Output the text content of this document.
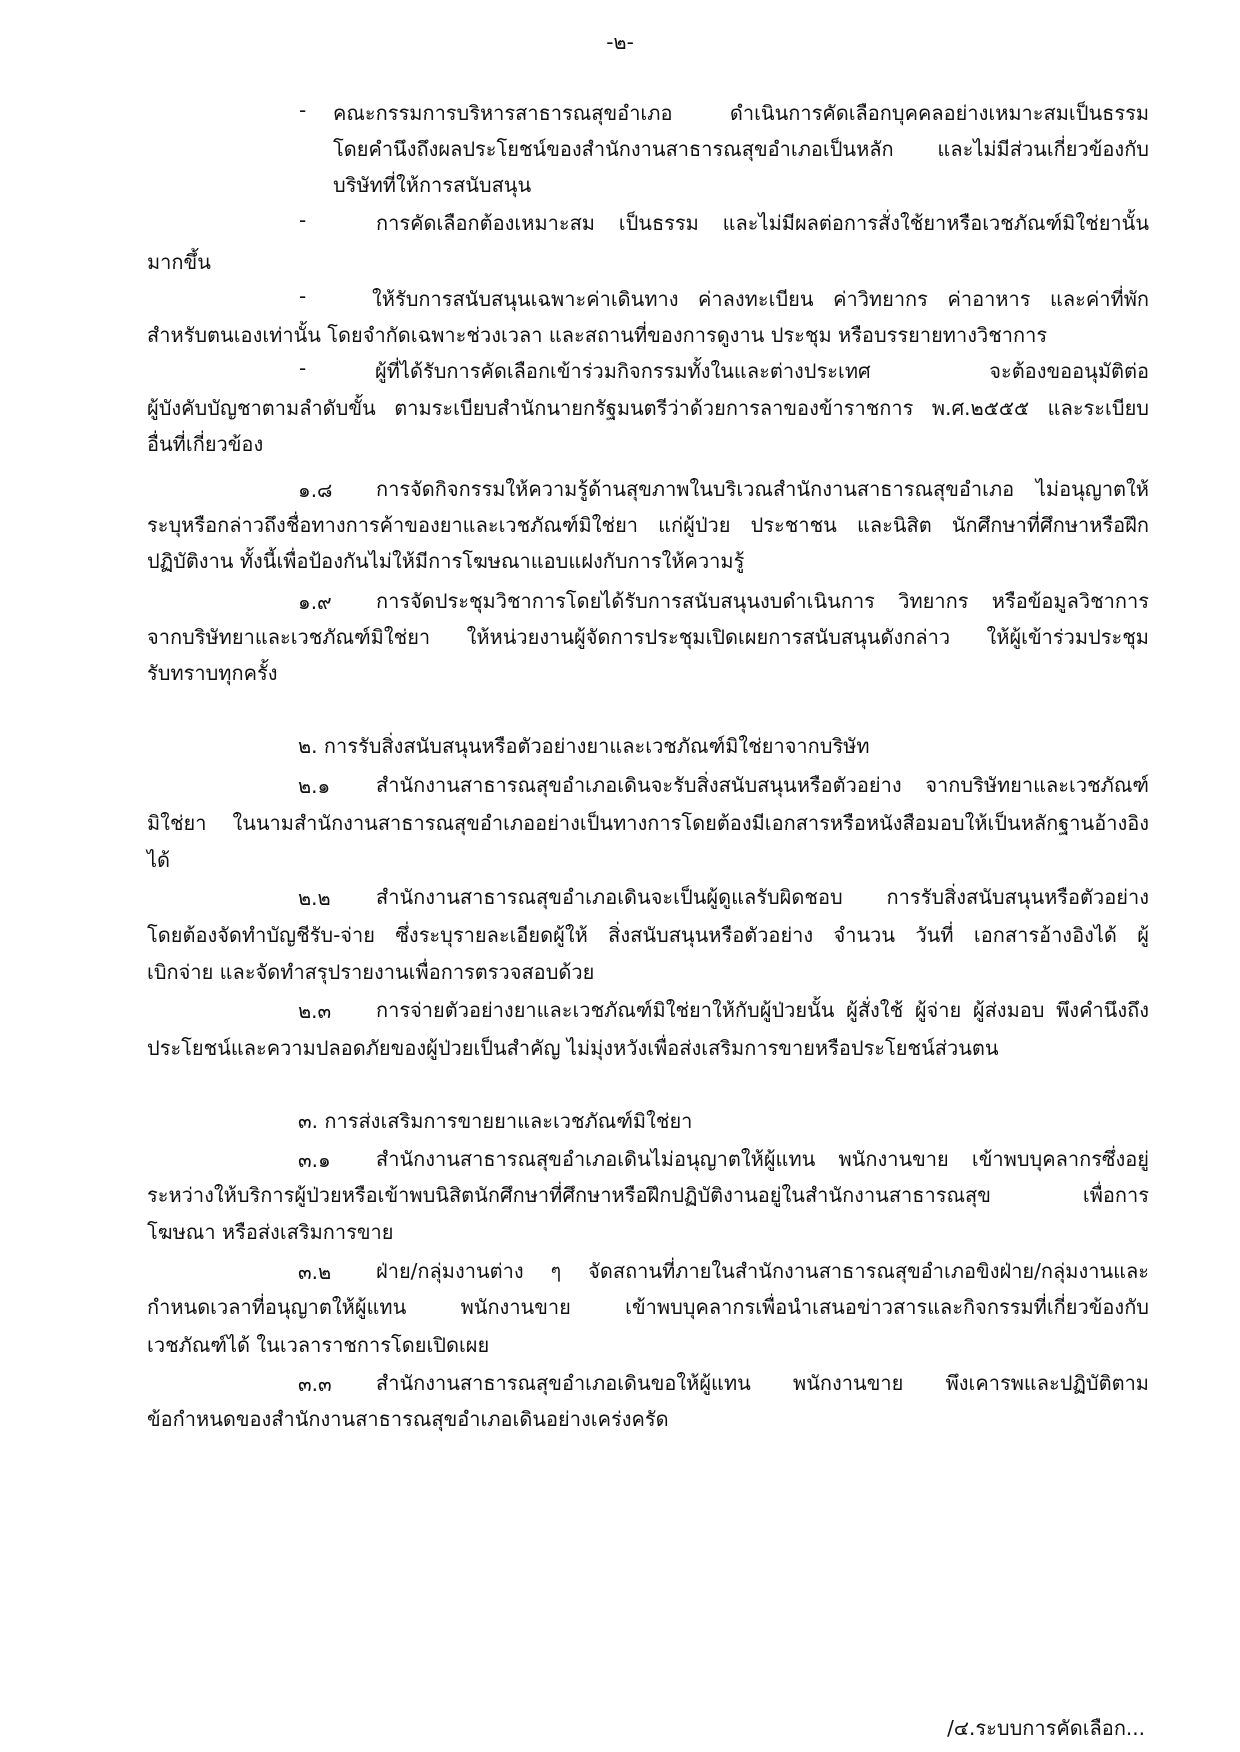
-๒-
- คณะกรรมการบริหารสาธารณสุขอำเภอ ดำเนินการคัดเลือกบุคคลอย่างเหมาะสมเป็นธรรม
โดยคำนึงถึงผลประโยชน์ของสำนักงานสาธารณสุขอำเภอเป็นหลัก และไม่มีส่วนเกี่ยวข้องกับ
บริษัทที่ให้การสนับสนุน
-	การคัดเลือกต้องเหมาะสม เป็นธรรม และไม่มีผลต่อการสั่งใช้ยาหรือเวชภัณฑ์มิใช่ยานั้น
มากขึ้น
-	ให้รับการสนับสนุนเฉพาะค่าเดินทาง ค่าลงทะเบียน ค่าวิทยากร ค่าอาหาร และค่าที่พัก
สำหรับตนเองเท่านั้น โดยจำกัดเฉพาะช่วงเวลา และสถานที่ของการดูงาน ประชุม หรือบรรยายทางวิชาการ
-	ผู้ที่ได้รับการคัดเลือกเข้าร่วมกิจกรรมทั้งในและต่างประเทศ จะต้องขออนุมัติต่อ
ผู้บังคับบัญชาตามลำดับขั้น ตามระเบียบสำนักนายกรัฐมนตรีว่าด้วยการลาของข้าราชการ พ.ศ.๒๕๕๕ และระเบียบ
อื่นที่เกี่ยวข้อง
๑.๘ การจัดกิจกรรมให้ความรู้ด้านสุขภาพในบริเวณสำนักงานสาธารณสุขอำเภอ ไม่อนุญาตให้
ระบุหรือกล่าวถึงชื่อทางการค้าของยาและเวชภัณฑ์มิใช่ยา แก่ผู้ป่วย ประชาชน และนิสิต นักศึกษาที่ศึกษาหรือฝึก
ปฏิบัติงาน ทั้งนี้เพื่อป้องกันไม่ให้มีการโฆษณาแอบแฝงกับการให้ความรู้
๑.๙ การจัดประชุมวิชาการโดยได้รับการสนับสนุนงบดำเนินการ วิทยากร หรือข้อมูลวิชาการ
จากบริษัทยาและเวชภัณฑ์มิใช่ยา ให้หน่วยงานผู้จัดการประชุมเปิดเผยการสนับสนุนดังกล่าว ให้ผู้เข้าร่วมประชุม
รับทราบทุกครั้ง
๒. การรับสิ่งสนับสนุนหรือตัวอย่างยาและเวชภัณฑ์มิใช่ยาจากบริษัท
๒.๑ สำนักงานสาธารณสุขอำเภอเดินจะรับสิ่งสนับสนุนหรือตัวอย่าง จากบริษัทยาและเวชภัณฑ์
มิใช่ยา ในนามสำนักงานสาธารณสุขอำเภออย่างเป็นทางการโดยต้องมีเอกสารหรือหนังสือมอบให้เป็นหลักฐานอ้างอิง
ได้
๒.๒ สำนักงานสาธารณสุขอำเภอเดินจะเป็นผู้ดูแลรับผิดชอบ การรับสิ่งสนับสนุนหรือตัวอย่าง
โดยต้องจัดทำบัญชีรับ-จ่าย ซึ่งระบุรายละเอียดผู้ให้ สิ่งสนับสนุนหรือตัวอย่าง จำนวน วันที่ เอกสารอ้างอิงได้ ผู้
เบิกจ่าย และจัดทำสรุปรายงานเพื่อการตรวจสอบด้วย
๒.๓ การจ่ายตัวอย่างยาและเวชภัณฑ์มิใช่ยาให้กับผู้ป่วยนั้น ผู้สั่งใช้ ผู้จ่าย ผู้ส่งมอบ พึงคำนึงถึง
ประโยชน์และความปลอดภัยของผู้ป่วยเป็นสำคัญ ไม่มุ่งหวังเพื่อส่งเสริมการขายหรือประโยชน์ส่วนตน
๓. การส่งเสริมการขายยาและเวชภัณฑ์มิใช่ยา
๓.๑ สำนักงานสาธารณสุขอำเภอเดินไม่อนุญาตให้ผู้แทน พนักงานขาย เข้าพบบุคลากรซึ่งอยู่
ระหว่างให้บริการผู้ป่วยหรือเข้าพบนิสิตนักศึกษาที่ศึกษาหรือฝึกปฏิบัติงานอยู่ในสำนักงานสาธารณสุข เพื่อการ
โฆษณา หรือส่งเสริมการขาย
๓.๒ ฝ่าย/กลุ่มงานต่าง ๆ จัดสถานที่ภายในสำนักงานสาธารณสุขอำเภอขิงฝ่าย/กลุ่มงานและ
กำหนดเวลาที่อนุญาตให้ผู้แทน พนักงานขาย เข้าพบบุคลากรเพื่อนำเสนอข่าวสารและกิจกรรมที่เกี่ยวข้องกับ
เวชภัณฑ์ได้ ในเวลาราชการโดยเปิดเผย
๓.๓ สำนักงานสาธารณสุขอำเภอเดินขอให้ผู้แทน พนักงานขาย พึงเคารพและปฏิบัติตาม
ข้อกำหนดของสำนักงานสาธารณสุขอำเภอเดินอย่างเคร่งครัด
/๔.ระบบการคัดเลือก...
